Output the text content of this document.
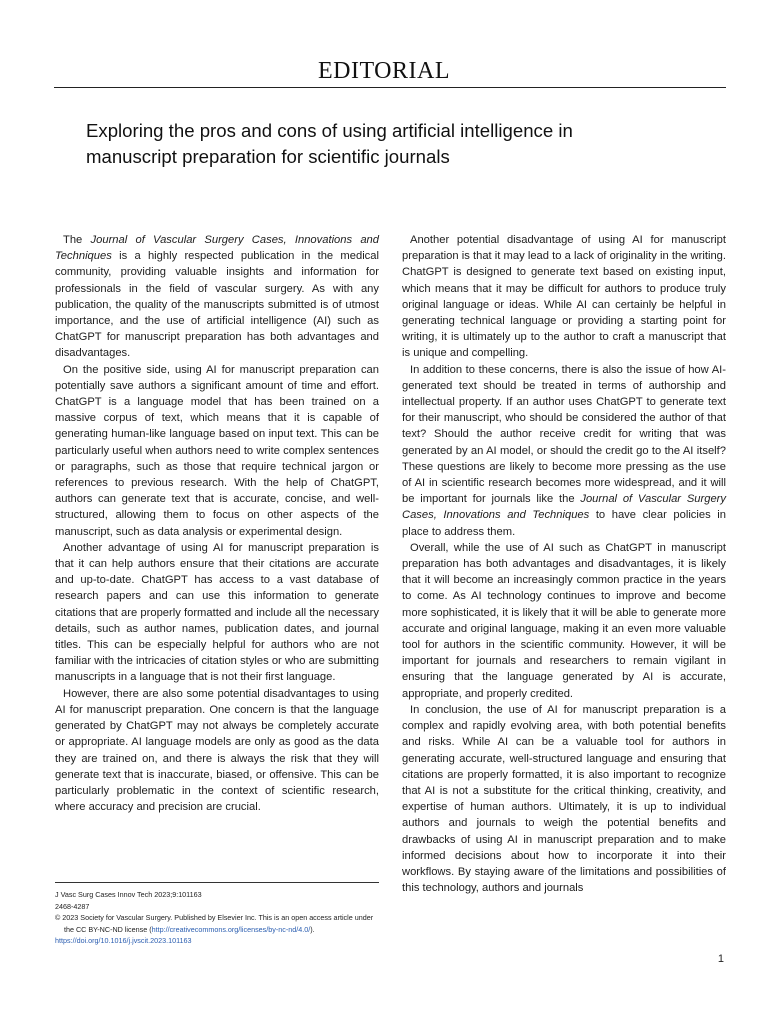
EDITORIAL
Exploring the pros and cons of using artificial intelligence in manuscript preparation for scientific journals

The Journal of Vascular Surgery Cases, Innovations and Techniques is a highly respected publication in the medical community, providing valuable insights and information for professionals in the field of vascular surgery. As with any publication, the quality of the manuscripts submitted is of utmost importance, and the use of artificial intelligence (AI) such as ChatGPT for manuscript preparation has both advantages and disadvantages.

On the positive side, using AI for manuscript preparation can potentially save authors a significant amount of time and effort. ChatGPT is a language model that has been trained on a massive corpus of text, which means that it is capable of generating human-like language based on input text. This can be particularly useful when authors need to write complex sentences or paragraphs, such as those that require technical jargon or references to previous research. With the help of ChatGPT, authors can generate text that is accurate, concise, and well-structured, allowing them to focus on other aspects of the manuscript, such as data analysis or experimental design.

Another advantage of using AI for manuscript preparation is that it can help authors ensure that their citations are accurate and up-to-date. ChatGPT has access to a vast database of research papers and can use this information to generate citations that are properly formatted and include all the necessary details, such as author names, publication dates, and journal titles. This can be especially helpful for authors who are not familiar with the intricacies of citation styles or who are submitting manuscripts in a language that is not their first language.

However, there are also some potential disadvantages to using AI for manuscript preparation. One concern is that the language generated by ChatGPT may not always be completely accurate or appropriate. AI language models are only as good as the data they are trained on, and there is always the risk that they will generate text that is inaccurate, biased, or offensive. This can be particularly problematic in the context of scientific research, where accuracy and precision are crucial.

Another potential disadvantage of using AI for manuscript preparation is that it may lead to a lack of originality in the writing. ChatGPT is designed to generate text based on existing input, which means that it may be difficult for authors to produce truly original language or ideas. While AI can certainly be helpful in generating technical language or providing a starting point for writing, it is ultimately up to the author to craft a manuscript that is unique and compelling.

In addition to these concerns, there is also the issue of how AI-generated text should be treated in terms of authorship and intellectual property. If an author uses ChatGPT to generate text for their manuscript, who should be considered the author of that text? Should the author receive credit for writing that was generated by an AI model, or should the credit go to the AI itself? These questions are likely to become more pressing as the use of AI in scientific research becomes more widespread, and it will be important for journals like the Journal of Vascular Surgery Cases, Innovations and Techniques to have clear policies in place to address them.

Overall, while the use of AI such as ChatGPT in manuscript preparation has both advantages and disadvantages, it is likely that it will become an increasingly common practice in the years to come. As AI technology continues to improve and become more sophisticated, it is likely that it will be able to generate more accurate and original language, making it an even more valuable tool for authors in the scientific community. However, it will be important for journals and researchers to remain vigilant in ensuring that the language generated by AI is accurate, appropriate, and properly credited.

In conclusion, the use of AI for manuscript preparation is a complex and rapidly evolving area, with both potential benefits and risks. While AI can be a valuable tool for authors in generating accurate, well-structured language and ensuring that citations are properly formatted, it is also important to recognize that AI is not a substitute for the critical thinking, creativity, and expertise of human authors. Ultimately, it is up to individual authors and journals to weigh the potential benefits and drawbacks of using AI in manuscript preparation and to make informed decisions about how to incorporate it into their workflows. By staying aware of the limitations and possibilities of this technology, authors and journals

J Vasc Surg Cases Innov Tech 2023;9:101163
2468-4287
© 2023 Society for Vascular Surgery. Published by Elsevier Inc. This is an open access article under the CC BY-NC-ND license (http://creativecommons.org/licenses/by-nc-nd/4.0/).
https://doi.org/10.1016/j.jvscit.2023.101163
1
